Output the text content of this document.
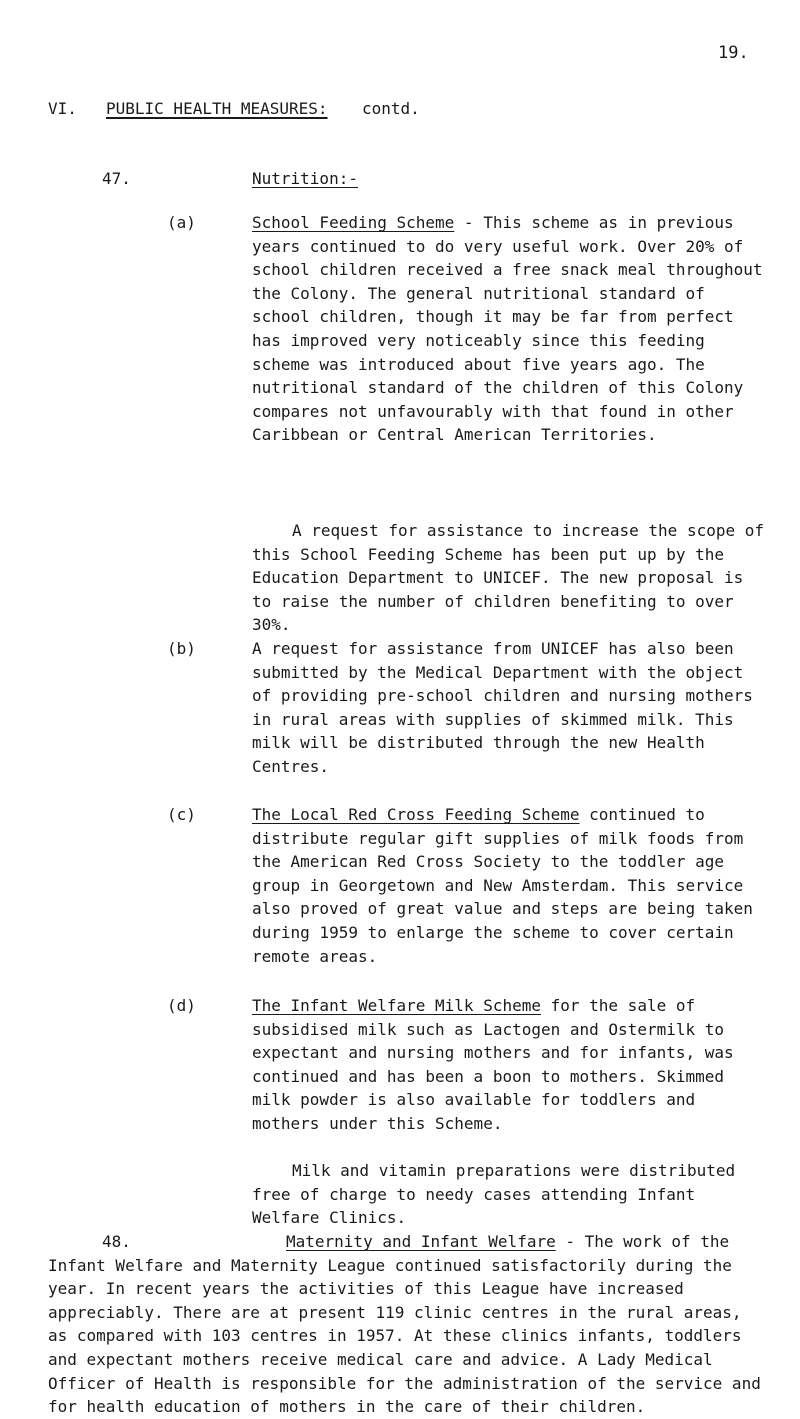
19.
VI. PUBLIC HEALTH MEASURES: contd.
47.	Nutrition:-
(a)	School Feeding Scheme - This scheme as in previous years continued to do very useful work. Over 20% of school children received a free snack meal throughout the Colony. The general nutritional standard of school children, though it may be far from perfect has improved very noticeably since this feeding scheme was introduced about five years ago. The nutritional standard of the children of this Colony compares not unfavourably with that found in other Caribbean or Central American Territories.

A request for assistance to increase the scope of this School Feeding Scheme has been put up by the Education Department to UNICEF. The new proposal is to raise the number of children benefiting to over 30%.

(b)	A request for assistance from UNICEF has also been submitted by the Medical Department with the object of providing pre-school children and nursing mothers in rural areas with supplies of skimmed milk. This milk will be distributed through the new Health Centres.

(c)	The Local Red Cross Feeding Scheme continued to distribute regular gift supplies of milk foods from the American Red Cross Society to the toddler age group in Georgetown and New Amsterdam. This service also proved of great value and steps are being taken during 1959 to enlarge the scheme to cover certain remote areas.

(d)	The Infant Welfare Milk Scheme for the sale of subsidised milk such as Lactogen and Ostermilk to expectant and nursing mothers and for infants, was continued and has been a boon to mothers. Skimmed milk powder is also available for toddlers and mothers under this Scheme.

Milk and vitamin preparations were distributed free of charge to needy cases attending Infant Welfare Clinics.

48.	Maternity and Infant Welfare - The work of the Infant Welfare and Maternity League continued satisfactorily during the year. In recent years the activities of this League have increased appreciably. There are at present 119 clinic centres in the rural areas, as compared with 103 centres in 1957. At these clinics infants, toddlers and expectant mothers receive medical care and advice. A Lady Medical Officer of Health is responsible for the administration of the service and for health education of mothers in the care of their children.
